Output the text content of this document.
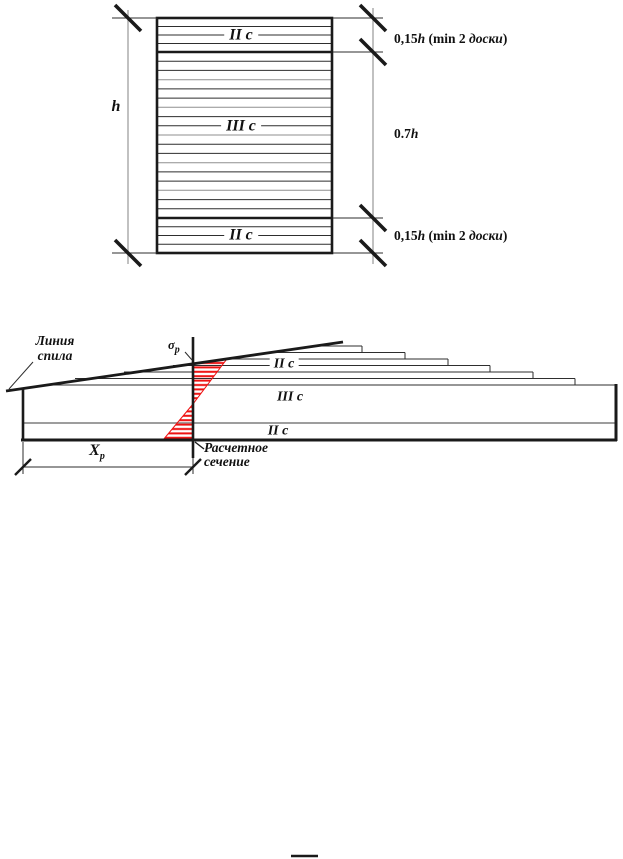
h
II с
III с
II с
0,15h (min 2 доски)
0.7h
0,15h (min 2 доски)
Линия
спила
$\sigma_р$
II с
III с
II с
$Х_р$
Расчетное
сечение
